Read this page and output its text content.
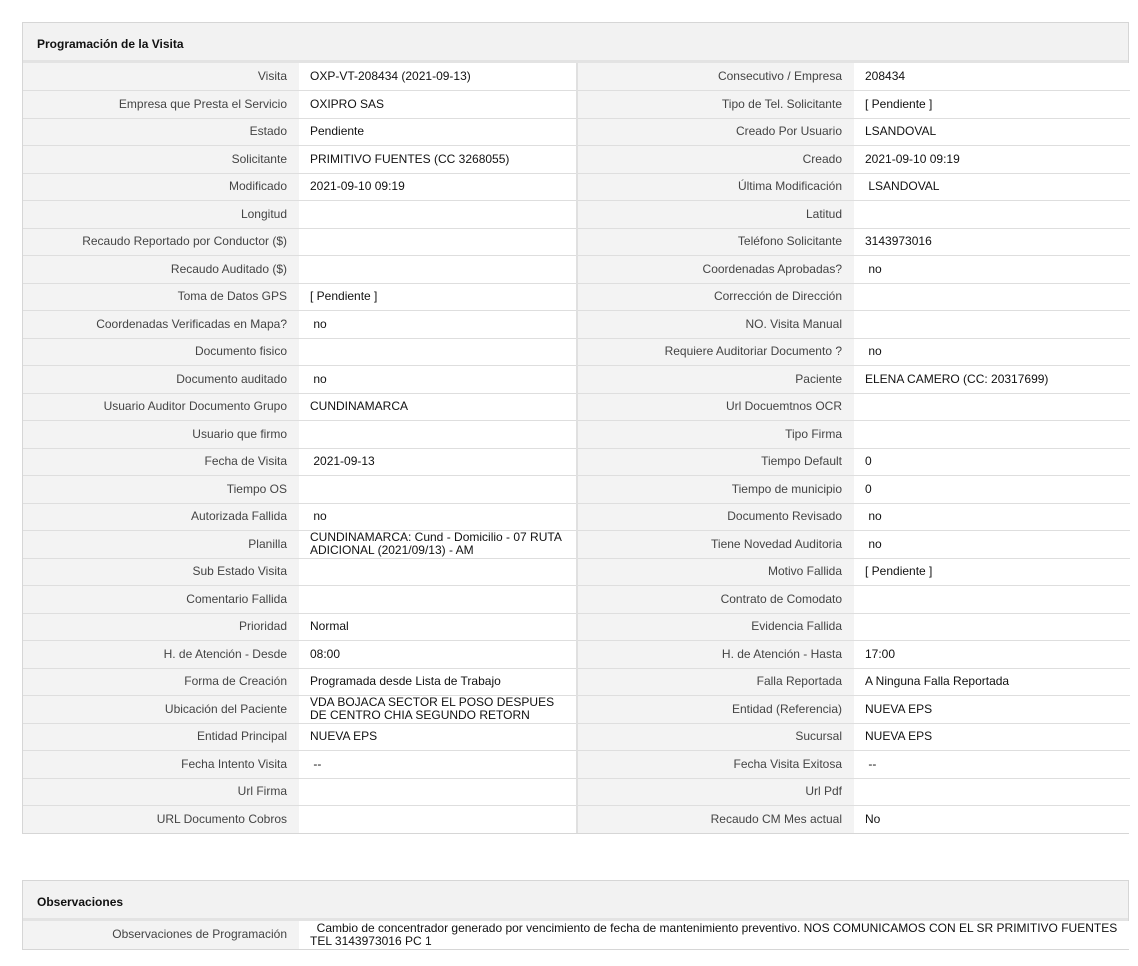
Programación de la Visita
Visita	OXP-VT-208434 (2021-09-13)	Consecutivo / Empresa	208434
Empresa que Presta el Servicio	OXIPRO SAS	Tipo de Tel. Solicitante	[ Pendiente ]
Estado	Pendiente	Creado Por Usuario	LSANDOVAL
Solicitante	PRIMITIVO FUENTES (CC 3268055)	Creado	2021-09-10 09:19
Modificado	2021-09-10 09:19	Última Modificación	LSANDOVAL
Longitud		Latitud	
Recaudo Reportado por Conductor ($)		Teléfono Solicitante	3143973016
Recaudo Auditado ($)		Coordenadas Aprobadas?	no
Toma de Datos GPS	[ Pendiente ]	Corrección de Dirección	
Coordenadas Verificadas en Mapa?	no	NO. Visita Manual	
Documento fisico		Requiere Auditoriar Documento ?	no
Documento auditado	no	Paciente	ELENA CAMERO (CC: 20317699)
Usuario Auditor Documento Grupo	CUNDINAMARCA	Url Docuemtnos OCR	
Usuario que firmo		Tipo Firma	
Fecha de Visita	2021-09-13	Tiempo Default	0
Tiempo OS		Tiempo de municipio	0
Autorizada Fallida	no	Documento Revisado	no
Planilla	CUNDINAMARCA: Cund - Domicilio - 07 RUTA ADICIONAL (2021/09/13) - AM	Tiene Novedad Auditoria	no
Sub Estado Visita		Motivo Fallida	[ Pendiente ]
Comentario Fallida		Contrato de Comodato	
Prioridad	Normal	Evidencia Fallida	
H. de Atención - Desde	08:00	H. de Atención - Hasta	17:00
Forma de Creación	Programada desde Lista de Trabajo	Falla Reportada	A Ninguna Falla Reportada
Ubicación del Paciente	VDA BOJACA SECTOR EL POSO DESPUES DE CENTRO CHIA SEGUNDO RETORN	Entidad (Referencia)	NUEVA EPS
Entidad Principal	NUEVA EPS	Sucursal	NUEVA EPS
Fecha Intento Visita	--	Fecha Visita Exitosa	--
Url Firma		Url Pdf	
URL Documento Cobros		Recaudo CM Mes actual	No
Observaciones
Observaciones de Programación	Cambio de concentrador generado por vencimiento de fecha de mantenimiento preventivo. NOS COMUNICAMOS CON EL SR PRIMITIVO FUENTES TEL 3143973016 PC 1
